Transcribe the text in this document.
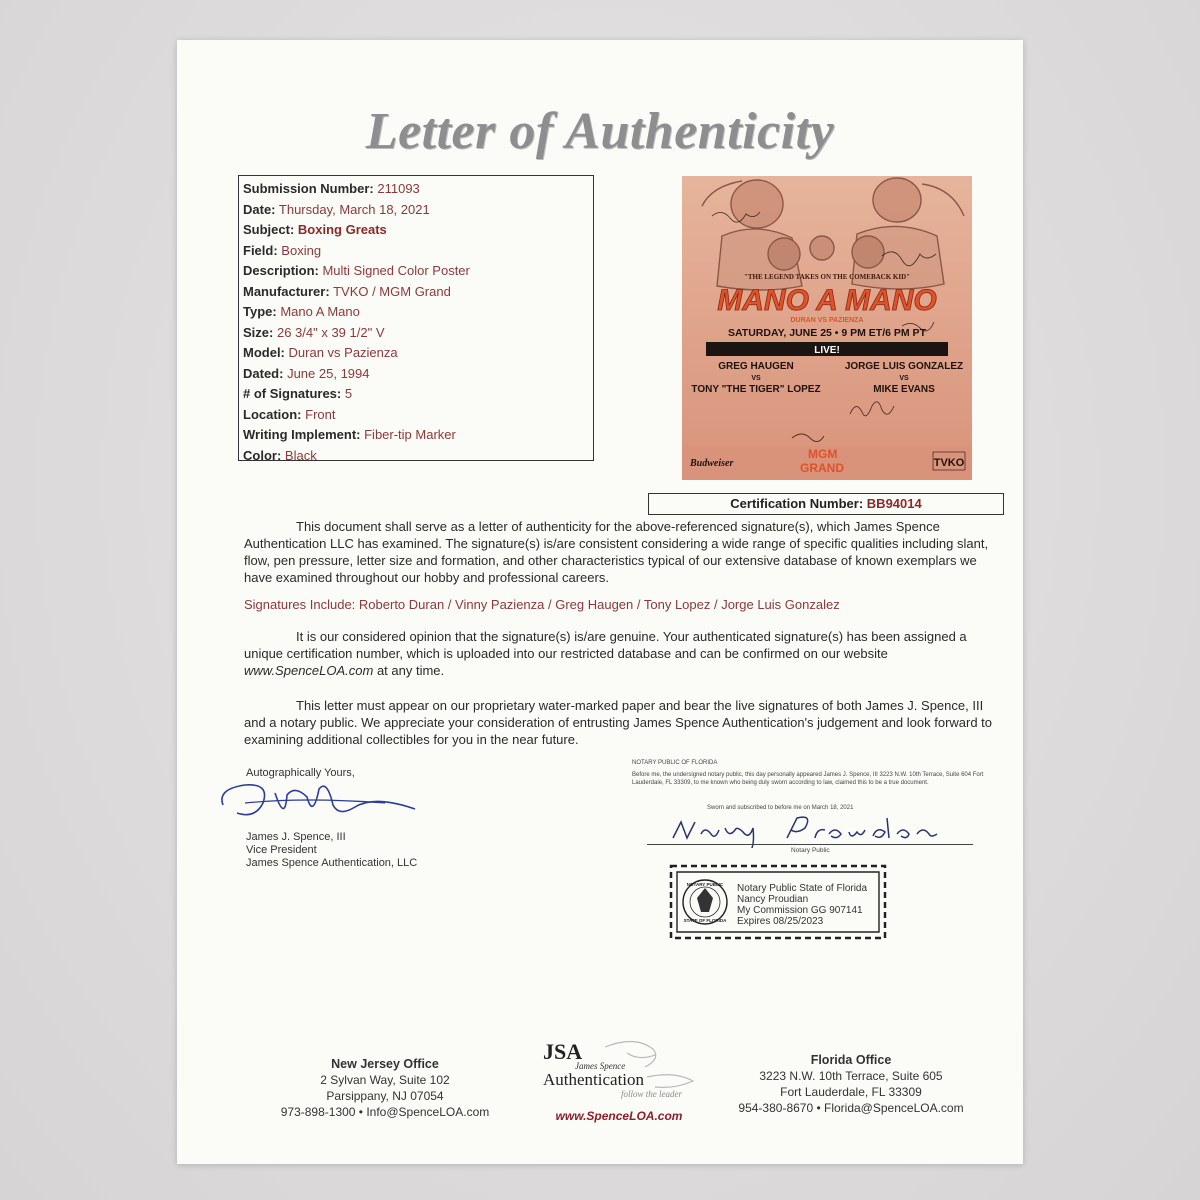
Letter of Authenticity
Submission Number: 211093
Date: Thursday, March 18, 2021
Subject: Boxing Greats
Field: Boxing
Description: Multi Signed Color Poster
Manufacturer: TVKO / MGM Grand
Type: Mano A Mano
Size: 26 3/4" x 39 1/2" V
Model: Duran vs Pazienza
Dated: June 25, 1994
# of Signatures: 5
Location: Front
Writing Implement: Fiber-tip Marker
Color: Black
"THE LEGEND TAKES ON THE COMEBACK KID"
MANO A MANO
DURAN VS PAZIENZA
SATURDAY, JUNE 25 • 9 PM ET/6 PM PT
LIVE!
GREG HAUGEN
VS
TONY "THE TIGER" LOPEZ
JORGE LUIS GONZALEZ
VS
MIKE EVANS
Budweiser
MGM
GRAND	TVKO
Certification Number: BB94014
This document shall serve as a letter of authenticity for the above-referenced signature(s), which James Spence Authentication LLC has examined. The signature(s) is/are consistent considering a wide range of specific qualities including slant, flow, pen pressure, letter size and formation, and other characteristics typical of our extensive database of known exemplars we have examined throughout our hobby and professional careers.
Signatures Include: Roberto Duran / Vinny Pazienza / Greg Haugen / Tony Lopez / Jorge Luis Gonzalez
It is our considered opinion that the signature(s) is/are genuine. Your authenticated signature(s) has been assigned a unique certification number, which is uploaded into our restricted database and can be confirmed on our website www.SpenceLOA.com at any time.
This letter must appear on our proprietary water-marked paper and bear the live signatures of both James J. Spence, III and a notary public. We appreciate your consideration of entrusting James Spence Authentication's judgement and look forward to examining additional collectibles for you in the near future.
Autographically Yours,
James J. Spence, III
Vice President
James Spence Authentication, LLC
NOTARY PUBLIC OF FLORIDA
Before me, the undersigned notary public, this day personally appeared James J. Spence, III 3223 N.W. 10th Terrace, Suite 604 Fort Lauderdale, FL 33309, to me known who being duly sworn according to law, claimed this to be a true document.
Sworn and subscribed to before me on March 18, 2021
Notary Public
NOTARY PUBLIC
STATE OF FLORIDA
Notary Public State of Florida
Nancy Proudian
My Commission GG 907141
Expires 08/25/2023
New Jersey Office
2 Sylvan Way, Suite 102
Parsippany, NJ 07054
973-898-1300 • Info@SpenceLOA.com
JSA
James Spence
Authentication
follow the leader
www.SpenceLOA.com
Florida Office
3223 N.W. 10th Terrace, Suite 605
Fort Lauderdale, FL 33309
954-380-8670 • Florida@SpenceLOA.com
